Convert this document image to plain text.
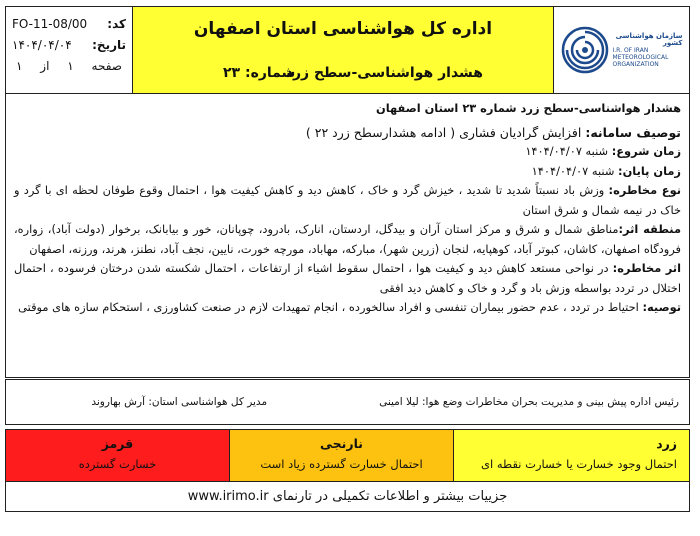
کد:
FO-11-08/00
تاریخ:
۱۴۰۴/۰۴/۰۴
صفحه
۱
از
۱
اداره کل هواشناسی استان اصفهان
هشدار هواشناسی-سطح زرد
شماره: ۲۳
سازمان هواشناسی کشور
I.R. OF IRAN
METEOROLOGICAL
ORGANIZATION

هشدار هواشناسی-سطح زرد شماره ۲۳ استان اصفهان

توصیف سامانه: افزایش گرادیان فشاری ( ادامه هشدارسطح زرد ۲۲ )

زمان شروع: شنبه ۱۴۰۴/۰۴/۰۷

زمان پایان: شنبه ۱۴۰۴/۰۴/۰۷

نوع مخاطره: وزش باد نسبتاً شدید تا شدید ، خیزش گرد و خاک ، کاهش دید و کاهش کیفیت هوا ، احتمال وقوع طوفان لحظه ای با گرد و خاک در نیمه شمال و شرق استان

منطقه اثر:مناطق شمال و شرق و مرکز استان آران و بیدگل، اردستان، انارک، بادرود، چوپانان، خور و بیابانک، برخوار (دولت آباد)، زواره، فرودگاه اصفهان، کاشان، کبوتر آباد، کوهپایه، لنجان (زرین شهر)، مبارکه، مهاباد، مورچه خورت، نایین، نجف آباد، نطنز، هرند، ورزنه، اصفهان

اثر مخاطره: در نواحی مستعد کاهش دید و کیفیت هوا ، احتمال سقوط اشیاء از ارتفاعات ، احتمال شکسته شدن درختان فرسوده ، احتمال اختلال در تردد بواسطه وزش باد و گرد و خاک و کاهش دید افقی

توصیه: احتیاط در تردد ، عدم حضور بیماران تنفسی و افراد سالخورده ، انجام تمهیدات لازم در صنعت کشاورزی ، استحکام سازه های موقتی

رئیس اداره پیش بینی و مدیریت بحران مخاطرات وضع هوا: لیلا امینی
مدیر کل هواشناسی استان: آرش بهاروند
زرد
احتمال وجود خسارت یا خسارت نقطه ای
نارنجی
احتمال خسارت گسترده زیاد است
قرمز
خسارت گسترده
جزییات بیشتر و اطلاعات تکمیلی در تارنمای

www.irimo.ir
